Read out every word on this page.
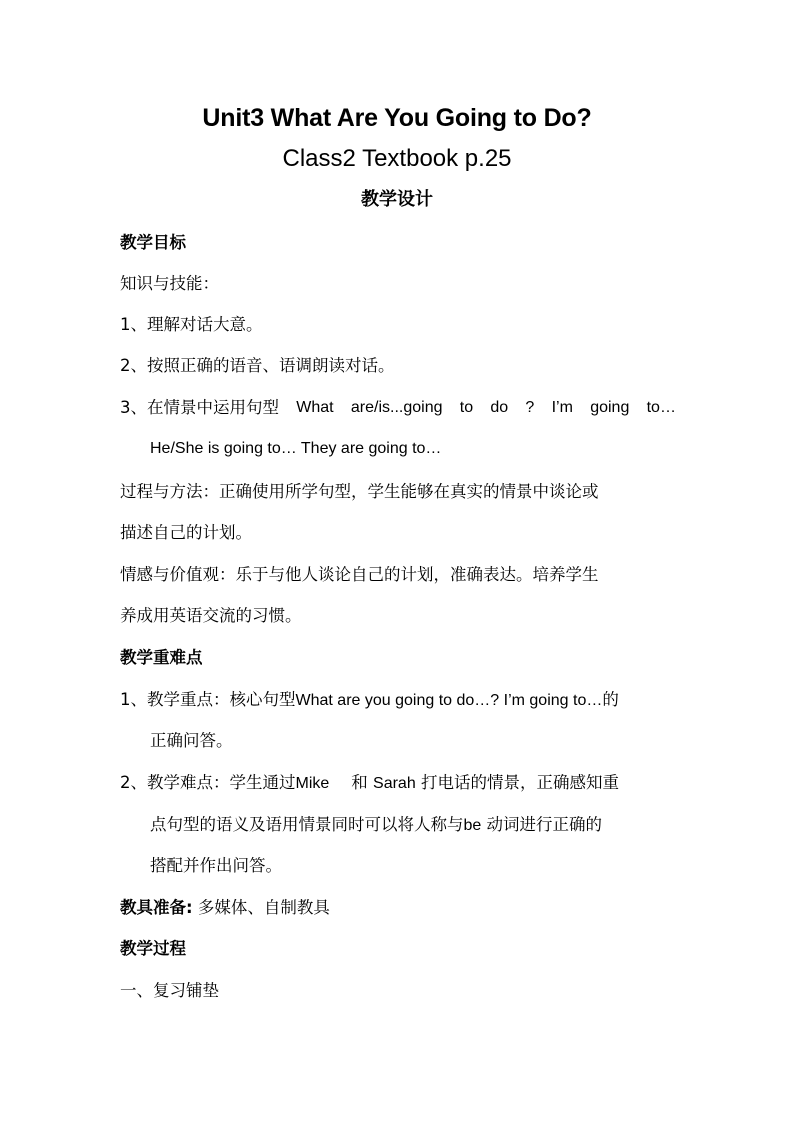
Unit3 What Are You Going to Do?
Class2 Textbook p.25
教学设计
教学目标
知识与技能：
1、理解对话大意。
2、按照正确的语音、语调朗读对话。
3、在情景中运用句型 What are/is...going to do ? I’m going to…
He/She is going to… They are going to…
过程与方法：正确使用所学句型，学生能够在真实的情景中谈论或
描述自己的计划。
情感与价值观：乐于与他人谈论自己的计划，准确表达。培养学生
养成用英语交流的习惯。
教学重难点
1、教学重点：核心句型What are you going to do…? I’m going to…的
正确问答。
2、教学难点：学生通过Mike 和 Sarah 打电话的情景，正确感知重
点句型的语义及语用情景同时可以将人称与be 动词进行正确的
搭配并作出问答。
教具准备: 多媒体、自制教具
教学过程
一、复习铺垫
